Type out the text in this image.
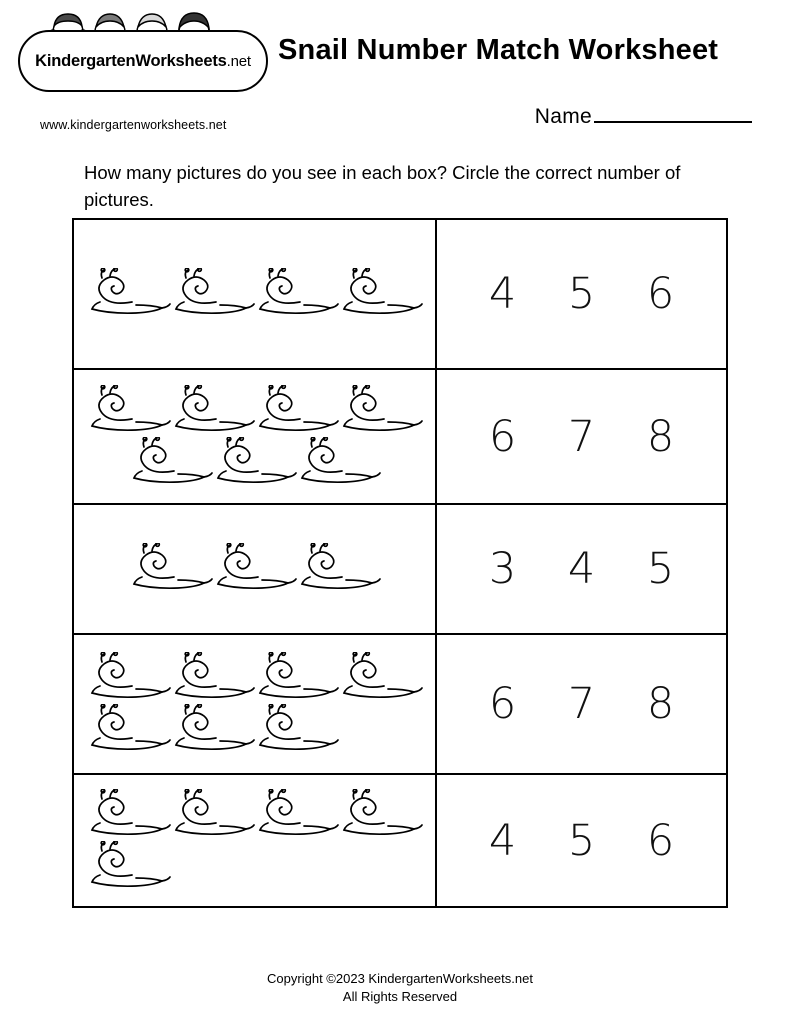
KindergartenWorksheets .net
www.kindergartenworksheets.net
Snail Number Match Worksheet
Name
How many pictures do you see in each box? Circle the correct number of pictures.
4 5 6
6 7 8
3 4 5
6 7 8
4 5 6
Copyright ©2023 KindergartenWorksheets.net
All Rights Reserved
